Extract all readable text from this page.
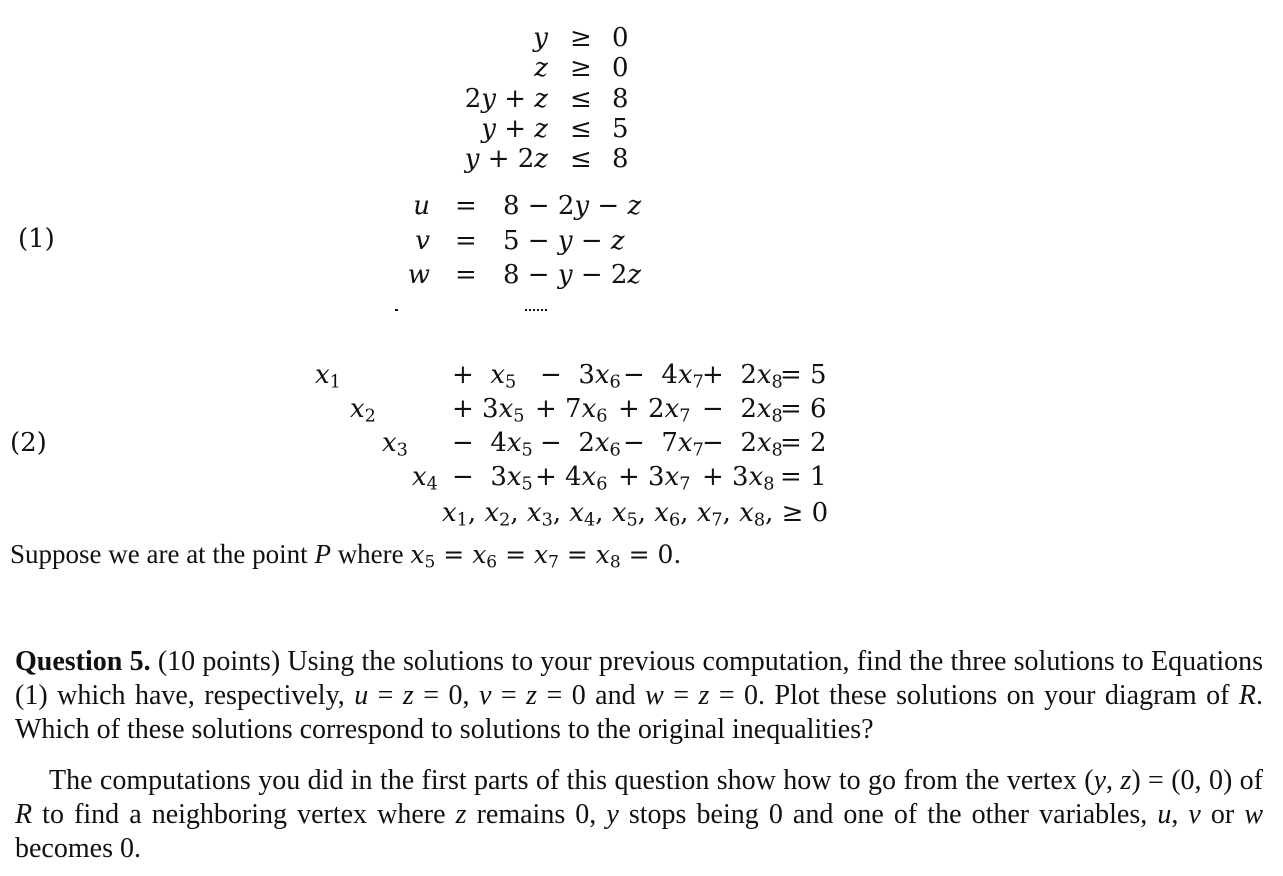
y
z
2y + z
y + z
y + 2z
≥
≥
≤
≤
≤
0
0
8
5
8
(1)
u
v
w
=
=
=
8 − 2y − z
5 − y − z
8 − y − 2z
(2)
$x_1$
$x_2$
$x_3$
$x_4$
+  $x_5 - 3x_6 - 4x_7$
+  $2x_8$
= 5
+ $3x_5 + 7x_6 + 2x_7 - 2x_8$
= 6
−  $4x_5 - 2x_6 - 7x_7$
−  $2x_8$
= 2
−  $3x_5 + 4x_6 + 3x_7 + 3x_8 = 1$
$x_1$, $x_2$, $x_3$, $x_4$, $x_5$, $x_6$, $x_7$, $x_8$, ≥ 0
Suppose we are at the point P where $x_5 = x_6 = x_7 = x_8 = 0$.
Question 5. (10 points) Using the solutions to your previous computation, find the three solutions to Equations (1) which have, respectively, u = z = 0, v = z = 0 and w = z = 0. Plot these solutions on your diagram of R. Which of these solutions correspond to solutions to the original inequalities?
The computations you did in the first parts of this question show how to go from the vertex (y, z) = (0, 0) of R to find a neighboring vertex where z remains 0, y stops being 0 and one of the other variables, u, v or w becomes 0.
